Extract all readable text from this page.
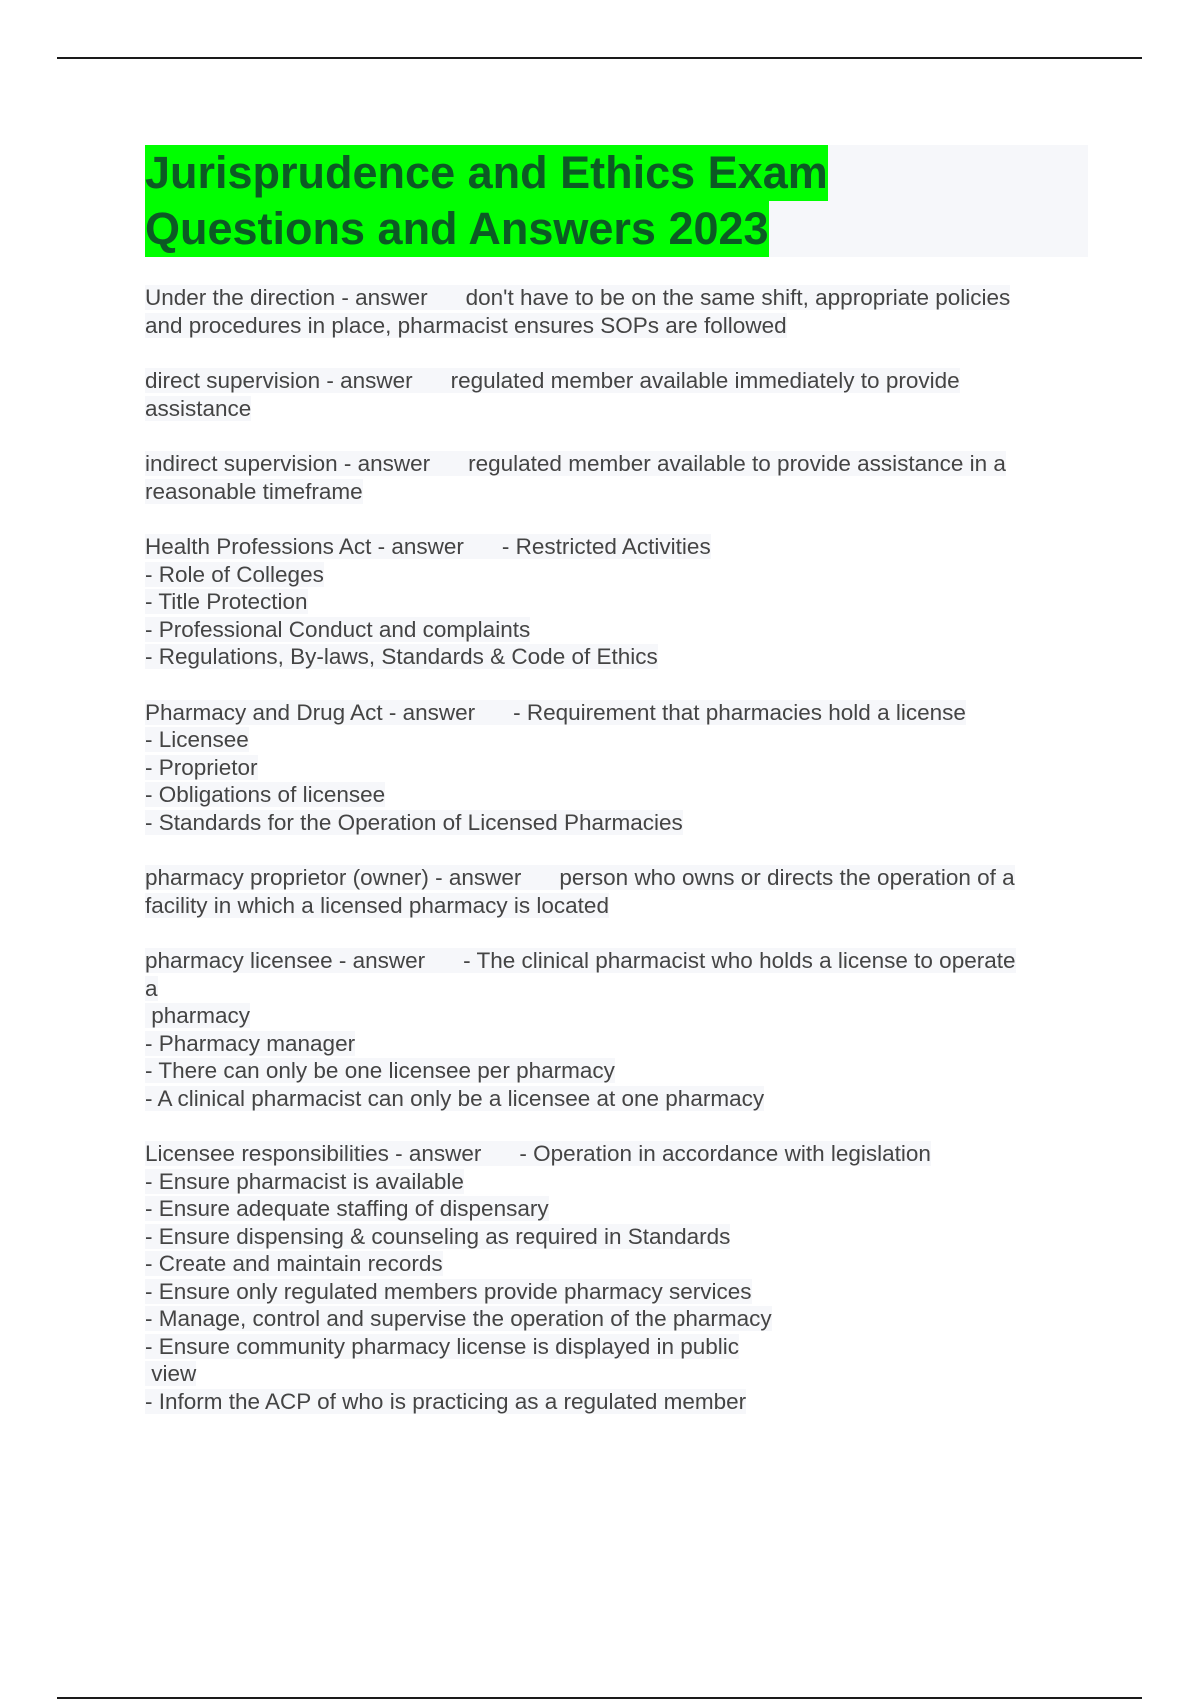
Jurisprudence and Ethics Exam
Questions and Answers 2023
Under the direction - answer don't have to be on the same shift, appropriate policies
and procedures in place, pharmacist ensures SOPs are followed
direct supervision - answer regulated member available immediately to provide
assistance
indirect supervision - answer regulated member available to provide assistance in a
reasonable timeframe
Health Professions Act - answer - Restricted Activities
- Role of Colleges
- Title Protection
- Professional Conduct and complaints
- Regulations, By-laws, Standards & Code of Ethics
Pharmacy and Drug Act - answer - Requirement that pharmacies hold a license
- Licensee
- Proprietor
- Obligations of licensee
- Standards for the Operation of Licensed Pharmacies
pharmacy proprietor (owner) - answer person who owns or directs the operation of a
facility in which a licensed pharmacy is located
pharmacy licensee - answer - The clinical pharmacist who holds a license to operate
a
pharmacy
- Pharmacy manager
- There can only be one licensee per pharmacy
- A clinical pharmacist can only be a licensee at one pharmacy
Licensee responsibilities - answer - Operation in accordance with legislation
- Ensure pharmacist is available
- Ensure adequate staffing of dispensary
- Ensure dispensing & counseling as required in Standards
- Create and maintain records
- Ensure only regulated members provide pharmacy services
- Manage, control and supervise the operation of the pharmacy
- Ensure community pharmacy license is displayed in public
view
- Inform the ACP of who is practicing as a regulated member
